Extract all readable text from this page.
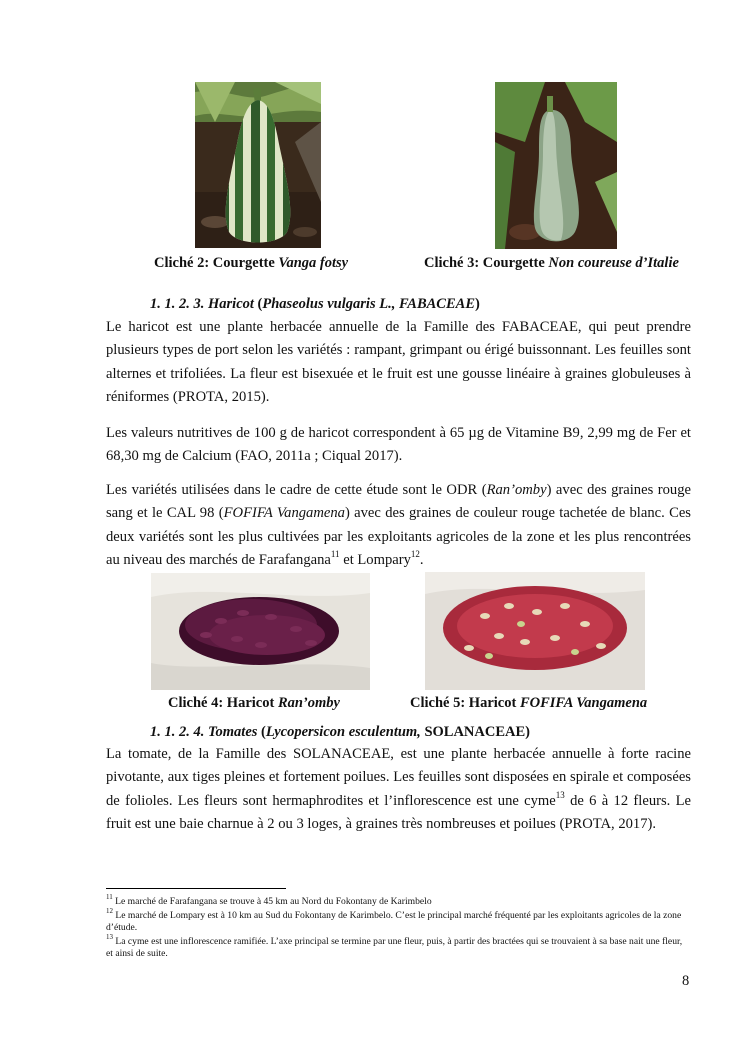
Cliché 2: Courgette Vanga fotsy	Cliché 3: Courgette Non coureuse d’Italie
1. 1. 2. 3. Haricot (Phaseolus vulgaris L., FABACEAE)

Le haricot est une plante herbacée annuelle de la Famille des FABACEAE, qui peut prendre plusieurs types de port selon les variétés : rampant, grimpant ou érigé buissonnant. Les feuilles sont alternes et trifoliées. La fleur est bisexuée et le fruit est une gousse linéaire à graines globuleuses à réniformes (PROTA, 2015).

Les valeurs nutritives de 100 g de haricot correspondent à 65 µg de Vitamine B9, 2,99 mg de Fer et 68,30 mg de Calcium (FAO, 2011a ; Ciqual 2017).

Les variétés utilisées dans le cadre de cette étude sont le ODR (Ran’omby) avec des graines rouge sang et le CAL 98 (FOFIFA Vangamena) avec des graines de couleur rouge tachetée de blanc. Ces deux variétés sont les plus cultivées par les exploitants agricoles de la zone et les plus rencontrées au niveau des marchés de Farafangana$^{11}$ et Lompary$^{12}$.

Cliché 4: Haricot Ran’omby	Cliché 5: Haricot FOFIFA Vangamena
1. 1. 2. 4. Tomates (Lycopersicon esculentum, SOLANACEAE)

La tomate, de la Famille des SOLANACEAE, est une plante herbacée annuelle à forte racine pivotante, aux tiges pleines et fortement poilues. Les feuilles sont disposées en spirale et composées de folioles. Les fleurs sont hermaphrodites et l’inflorescence est une cyme$^{13}$ de 6 à 12 fleurs. Le fruit est une baie charnue à 2 ou 3 loges, à graines très nombreuses et poilues (PROTA, 2017).

$^{11}$ Le marché de Farafangana se trouve à 45 km au Nord du Fokontany de Karimbelo

$^{12}$ Le marché de Lompary est à 10 km au Sud du Fokontany de Karimbelo. C’est le principal marché fréquenté par les exploitants agricoles de la zone d’étude.

$^{13}$ La cyme est une inflorescence ramifiée. L’axe principal se termine par une fleur, puis, à partir des bractées qui se trouvaient à sa base nait une fleur, et ainsi de suite.

8
